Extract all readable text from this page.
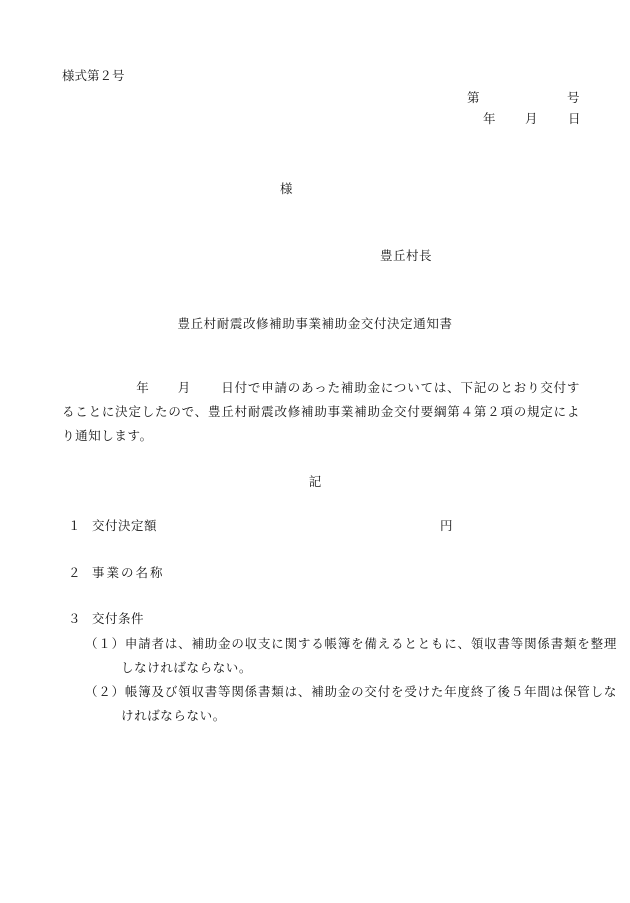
様式第２号
第	号
年 月 日
様
豊丘村長
豊丘村耐震改修補助事業補助金交付決定通知書
年 月 日付で申請のあった補助金については、下記のとおり交付することに決定したので、豊丘村耐震改修補助事業補助金交付要綱第４第２項の規定により通知します。
記
１ 交付決定額	円
２ 事業の名称
３ 交付条件
（１）申請者は、補助金の収支に関する帳簿を備えるとともに、領収書等関係書類を整理しなければならない。
（２）帳簿及び領収書等関係書類は、補助金の交付を受けた年度終了後５年間は保管しなければならない。
